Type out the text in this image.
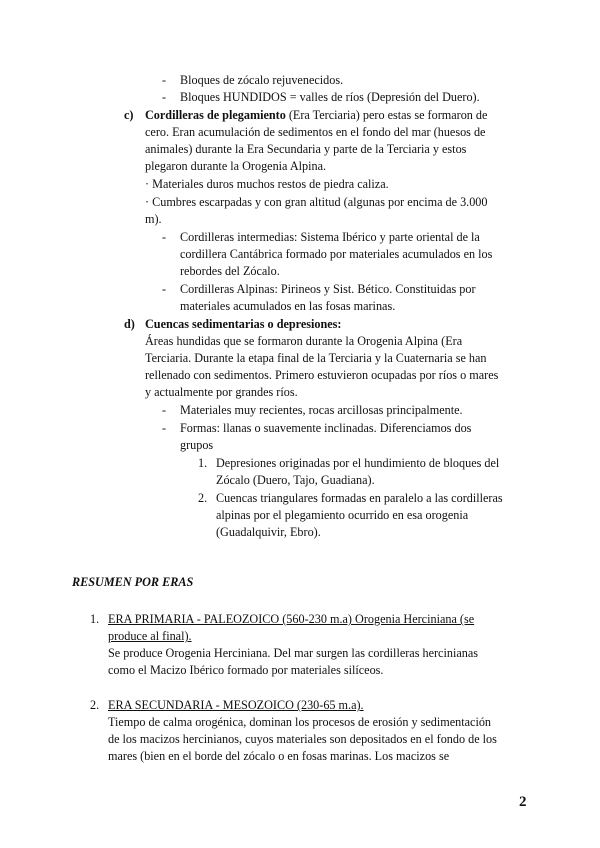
- Bloques de zócalo rejuvenecidos.
- Bloques HUNDIDOS = valles de ríos (Depresión del Duero).
c) Cordilleras de plegamiento (Era Terciaria) pero estas se formaron de
cero. Eran acumulación de sedimentos en el fondo del mar (huesos de
animales) durante la Era Secundaria y parte de la Terciaria y estos
plegaron durante la Orogenia Alpina.
· Materiales duros muchos restos de piedra caliza.
· Cumbres escarpadas y con gran altitud (algunas por encima de 3.000
m).
- Cordilleras intermedias: Sistema Ibérico y parte oriental de la
cordillera Cantábrica formado por materiales acumulados en los
rebordes del Zócalo.
- Cordilleras Alpinas: Pirineos y Sist. Bético. Constituidas por
materiales acumulados en las fosas marinas.
d) Cuencas sedimentarias o depresiones:
Áreas hundidas que se formaron durante la Orogenia Alpina (Era
Terciaria. Durante la etapa final de la Terciaria y la Cuaternaria se han
rellenado con sedimentos. Primero estuvieron ocupadas por ríos o mares
y actualmente por grandes ríos.
- Materiales muy recientes, rocas arcillosas principalmente.
- Formas: llanas o suavemente inclinadas. Diferenciamos dos
grupos
1. Depresiones originadas por el hundimiento de bloques del
Zócalo (Duero, Tajo, Guadiana).
2. Cuencas triangulares formadas en paralelo a las cordilleras
alpinas por el plegamiento ocurrido en esa orogenia
(Guadalquivir, Ebro).
RESUMEN POR ERAS
1. ERA PRIMARIA - PALEOZOICO (560-230 m.a) Orogenia Herciniana (se
produce al final).
Se produce Orogenia Herciniana. Del mar surgen las cordilleras hercinianas
como el Macizo Ibérico formado por materiales silíceos.
2. ERA SECUNDARIA - MESOZOICO (230-65 m.a).
Tiempo de calma orogénica, dominan los procesos de erosión y sedimentación
de los macizos hercinianos, cuyos materiales son depositados en el fondo de los
mares (bien en el borde del zócalo o en fosas marinas. Los macizos se
2
